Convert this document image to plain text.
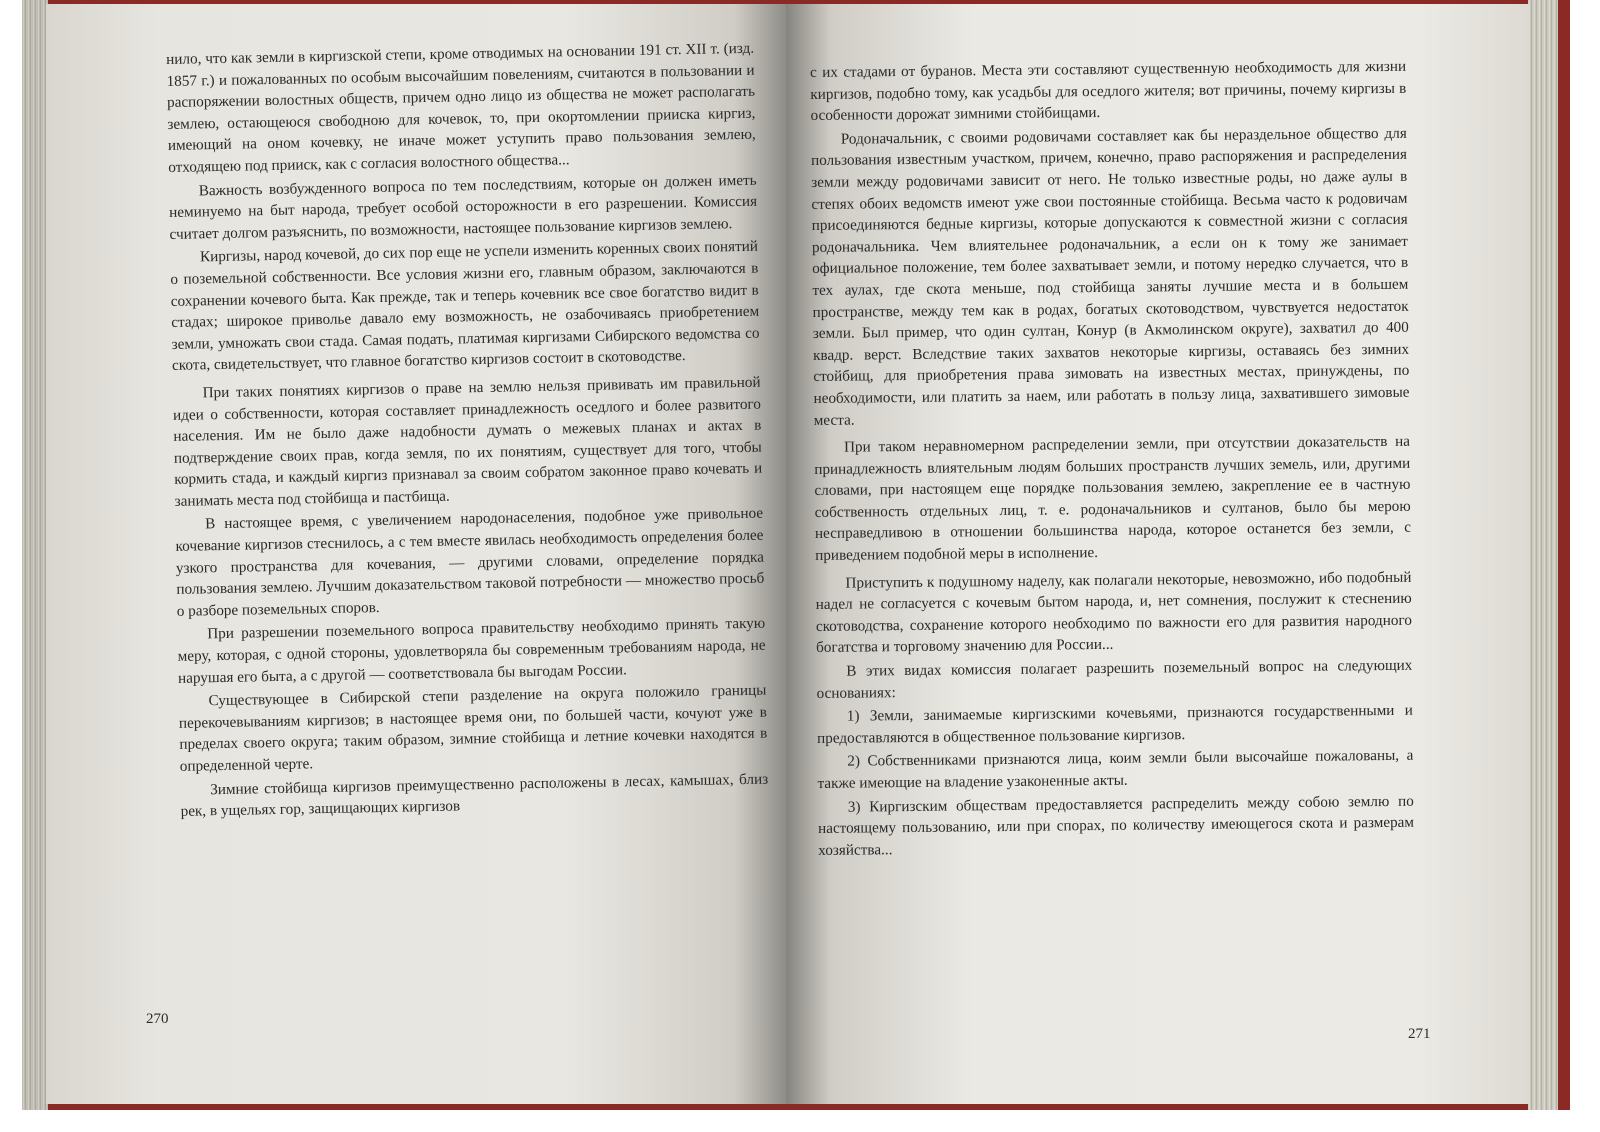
нило, что как земли в киргизской степи, кроме отводимых на основании 191 ст. XII т. (изд. 1857 г.) и пожалованных по особым высочайшим повелениям, считаются в пользовании и распоряжении волостных обществ, причем одно лицо из общества не может располагать землею, остающеюся свободною для кочевок, то, при окортомлении прииска киргиз, имеющий на оном кочевку, не иначе может уступить право пользования землею, отходящею под прииск, как с согласия волостного общества...

Важность возбужденного вопроса по тем последствиям, которые он должен иметь неминуемо на быт народа, требует особой осторожности в его разрешении. Комиссия считает долгом разъяснить, по возможности, настоящее пользование киргизов землею.

Киргизы, народ кочевой, до сих пор еще не успели изменить коренных своих понятий о поземельной собственности. Все условия жизни его, главным образом, заключаются в сохранении кочевого быта. Как прежде, так и теперь кочевник все свое богатство видит в стадах; широкое приволье давало ему возможность, не озабочиваясь приобретением земли, умножать свои стада. Самая подать, платимая киргизами Сибирского ведомства со скота, свидетельствует, что главное богатство киргизов состоит в скотоводстве.

При таких понятиях киргизов о праве на землю нельзя прививать им правильной идеи о собственности, которая составляет принадлежность оседлого и более развитого населения. Им не было даже надобности думать о межевых планах и актах в подтверждение своих прав, когда земля, по их понятиям, существует для того, чтобы кормить стада, и каждый киргиз признавал за своим собратом законное право кочевать и занимать места под стойбища и пастбища.

В настоящее время, с увеличением народонаселения, подобное уже привольное кочевание киргизов стеснилось, а с тем вместе явилась необходимость определения более узкого пространства для кочевания, — другими словами, определение порядка пользования землею. Лучшим доказательством таковой потребности — множество просьб о разборе поземельных споров.

При разрешении поземельного вопроса правительству необходимо принять такую меру, которая, с одной стороны, удовлетворяла бы современным требованиям народа, не нарушая его быта, а с другой — соответствовала бы выгодам России.

Существующее в Сибирской степи разделение на округа положило границы перекочевываниям киргизов; в настоящее время они, по большей части, кочуют уже в пределах своего округа; таким образом, зимние стойбища и летние кочевки находятся в определенной черте.

Зимние стойбища киргизов преимущественно расположены в лесах, камышах, близ рек, в ущельях гор, защищающих киргизов

270

с их стадами от буранов. Места эти составляют существенную необходимость для жизни киргизов, подобно тому, как усадьбы для оседлого жителя; вот причины, почему киргизы в особенности дорожат зимними стойбищами.

Родоначальник, с своими родовичами составляет как бы нераздельное общество для пользования известным участком, причем, конечно, право распоряжения и распределения земли между родовичами зависит от него. Не только известные роды, но даже аулы в степях обоих ведомств имеют уже свои постоянные стойбища. Весьма часто к родовичам присоединяются бедные киргизы, которые допускаются к совместной жизни с согласия родоначальника. Чем влиятельнее родоначальник, а если он к тому же занимает официальное положение, тем более захватывает земли, и потому нередко случается, что в тех аулах, где скота меньше, под стойбища заняты лучшие места и в большем пространстве, между тем как в родах, богатых скотоводством, чувствуется недостаток земли. Был пример, что один султан, Конур (в Акмолинском округе), захватил до 400 квадр. верст. Вследствие таких захватов некоторые киргизы, оставаясь без зимних стойбищ, для приобретения права зимовать на известных местах, принуждены, по необходимости, или платить за наем, или работать в пользу лица, захватившего зимовые места.

При таком неравномерном распределении земли, при отсутствии доказательств на принадлежность влиятельным людям больших пространств лучших земель, или, другими словами, при настоящем еще порядке пользования землею, закрепление ее в частную собственность отдельных лиц, т. е. родоначальников и султанов, было бы мерою несправедливою в отношении большинства народа, которое останется без земли, с приведением подобной меры в исполнение.

Приступить к подушному наделу, как полагали некоторые, невозможно, ибо подобный надел не согласуется с кочевым бытом народа, и, нет сомнения, послужит к стеснению скотоводства, сохранение которого необходимо по важности его для развития народного богатства и торговому значению для России...

В этих видах комиссия полагает разрешить поземельный вопрос на следующих основаниях:

1) Земли, занимаемые киргизскими кочевьями, признаются государственными и предоставляются в общественное пользование киргизов.

2) Собственниками признаются лица, коим земли были высочайше пожалованы, а также имеющие на владение узаконенные акты.

3) Киргизским обществам предоставляется распределить между собою землю по настоящему пользованию, или при спорах, по количеству имеющегося скота и размерам хозяйства...

271
